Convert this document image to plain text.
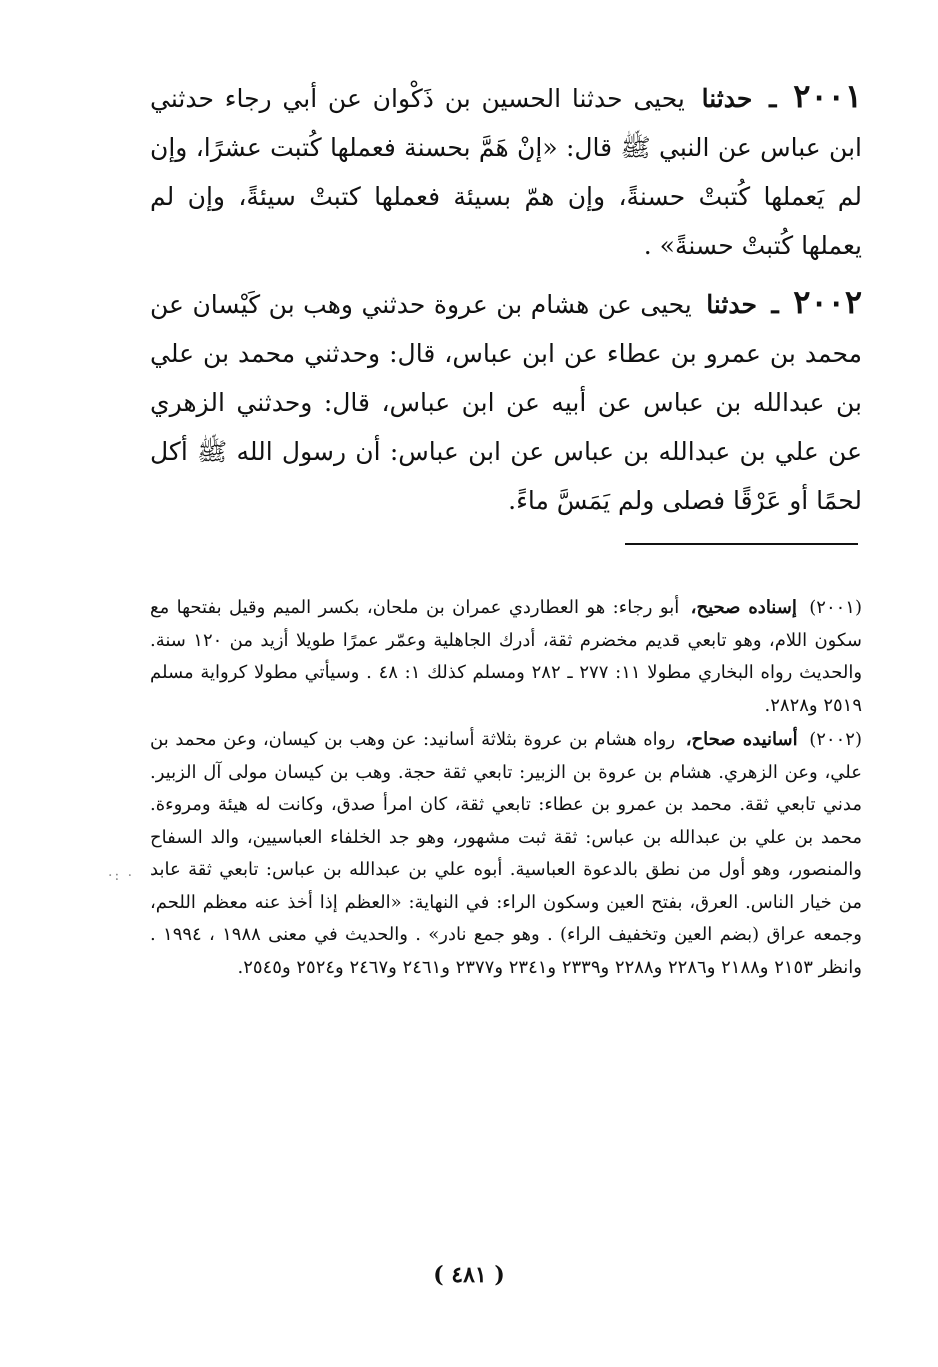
٢٠٠١ ـ حدثنا يحيى حدثنا الحسين بن ذَكْوان عن أبي رجاء حدثني ابن عباس عن النبي ﷺ قال: «إنْ هَمَّ بحسنة فعملها كُتبت عشرًا، وإن لم يَعملها كُتبتْ حسنةً، وإن همّ بسيئة فعملها كتبتْ سيئةً، وإن لم يعملها كُتبتْ حسنةً» .

٢٠٠٢ ـ حدثنا يحيى عن هشام بن عروة حدثني وهب بن كَيْسان عن محمد بن عمرو بن عطاء عن ابن عباس، قال: وحدثني محمد بن علي بن عبدالله بن عباس عن أبيه عن ابن عباس، قال: وحدثني الزهري عن علي بن عبدالله بن عباس عن ابن عباس: أن رسول الله ﷺ أكل لحمًا أو عَرْقًا فصلى ولم يَمَسَّ ماءً.

(٢٠٠١) إسناده صحيح، أبو رجاء: هو العطاردي عمران بن ملحان، بكسر الميم وقيل بفتحها مع سكون اللام، وهو تابعي قديم مخضرم ثقة، أدرك الجاهلية وعمّر عمرًا طويلا أزيد من ١٢٠ سنة. والحديث رواه البخاري مطولا ١١: ٢٧٧ ـ ٢٨٢ ومسلم كذلك ١: ٤٨ . وسيأتي مطولا كرواية مسلم ٢٥١٩ و٢٨٢٨.

(٢٠٠٢) أسانيده صحاح، رواه هشام بن عروة بثلاثة أسانيد: عن وهب بن كيسان، وعن محمد بن علي، وعن الزهري. هشام بن عروة بن الزبير: تابعي ثقة حجة. وهب بن كيسان مولى آل الزبير. مدني تابعي ثقة. محمد بن عمرو بن عطاء: تابعي ثقة، كان امرأ صدق، وكانت له هيئة ومروءة. محمد بن علي بن عبدالله بن عباس: ثقة ثبت مشهور، وهو جد الخلفاء العباسيين، والد السفاح والمنصور، وهو أول من نطق بالدعوة العباسية. أبوه علي بن عبدالله بن عباس: تابعي ثقة عابد من خيار الناس. العرق، بفتح العين وسكون الراء: في النهاية: «العظم إذا أخذ عنه معظم اللحم، وجمعه عراق (بضم العين وتخفيف الراء) . وهو جمع نادر» . والحديث في معنى ١٩٨٨ ، ١٩٩٤ . وانظر ٢١٥٣ و٢١٨٨ و٢٢٨٦ و٢٢٨٨ و٢٣٣٩ و٢٣٤١ و٢٣٧٧ و٢٤٦١ و٢٤٦٧ و٢٥٢٤ و٢٥٤٥.

·: ·
( ٤٨١ )
